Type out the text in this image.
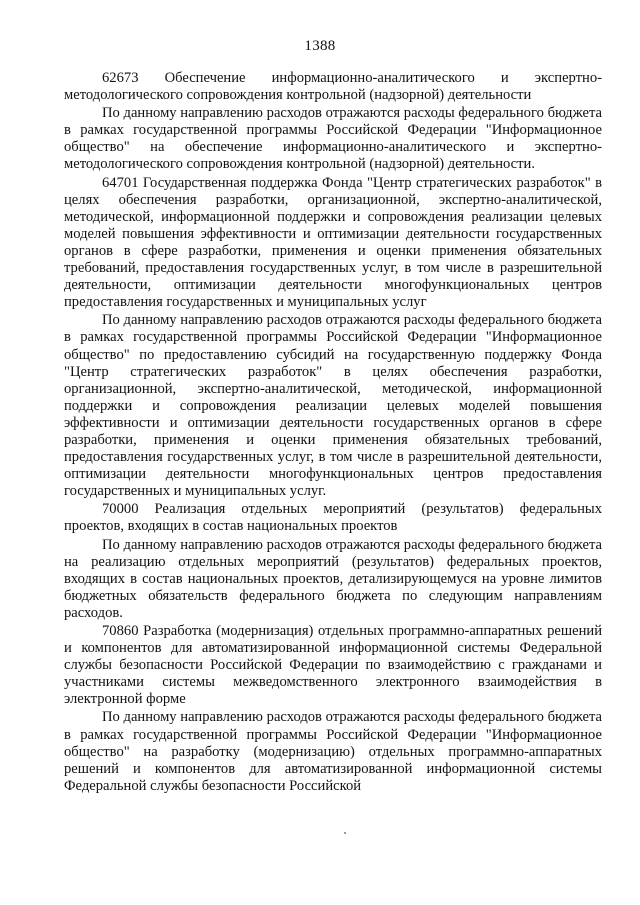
1388

62673 Обеспечение информационно-аналитического и экспертно-методологического сопровождения контрольной (надзорной) деятельности

По данному направлению расходов отражаются расходы федерального бюджета в рамках государственной программы Российской Федерации "Информационное общество" на обеспечение информационно-аналитического и экспертно-методологического сопровождения контрольной (надзорной) деятельности.

64701 Государственная поддержка Фонда "Центр стратегических разработок" в целях обеспечения разработки, организационной, экспертно-аналитической, методической, информационной поддержки и сопровождения реализации целевых моделей повышения эффективности и оптимизации деятельности государственных органов в сфере разработки, применения и оценки применения обязательных требований, предоставления государственных услуг, в том числе в разрешительной деятельности, оптимизации деятельности многофункциональных центров предоставления государственных и муниципальных услуг

По данному направлению расходов отражаются расходы федерального бюджета в рамках государственной программы Российской Федерации "Информационное общество" по предоставлению субсидий на государственную поддержку Фонда "Центр стратегических разработок" в целях обеспечения разработки, организационной, экспертно-аналитической, методической, информационной поддержки и сопровождения реализации целевых моделей повышения эффективности и оптимизации деятельности государственных органов в сфере разработки, применения и оценки применения обязательных требований, предоставления государственных услуг, в том числе в разрешительной деятельности, оптимизации деятельности многофункциональных центров предоставления государственных и муниципальных услуг.

70000 Реализация отдельных мероприятий (результатов) федеральных проектов, входящих в состав национальных проектов

По данному направлению расходов отражаются расходы федерального бюджета на реализацию отдельных мероприятий (результатов) федеральных проектов, входящих в состав национальных проектов, детализирующемуся на уровне лимитов бюджетных обязательств федерального бюджета по следующим направлениям расходов.

70860 Разработка (модернизация) отдельных программно-аппаратных решений и компонентов для автоматизированной информационной системы Федеральной службы безопасности Российской Федерации по взаимодействию с гражданами и участниками системы межведомственного электронного взаимодействия в электронной форме

По данному направлению расходов отражаются расходы федерального бюджета в рамках государственной программы Российской Федерации "Информационное общество" на разработку (модернизацию) отдельных программно-аппаратных решений и компонентов для автоматизированной информационной системы Федеральной службы безопасности Российской
